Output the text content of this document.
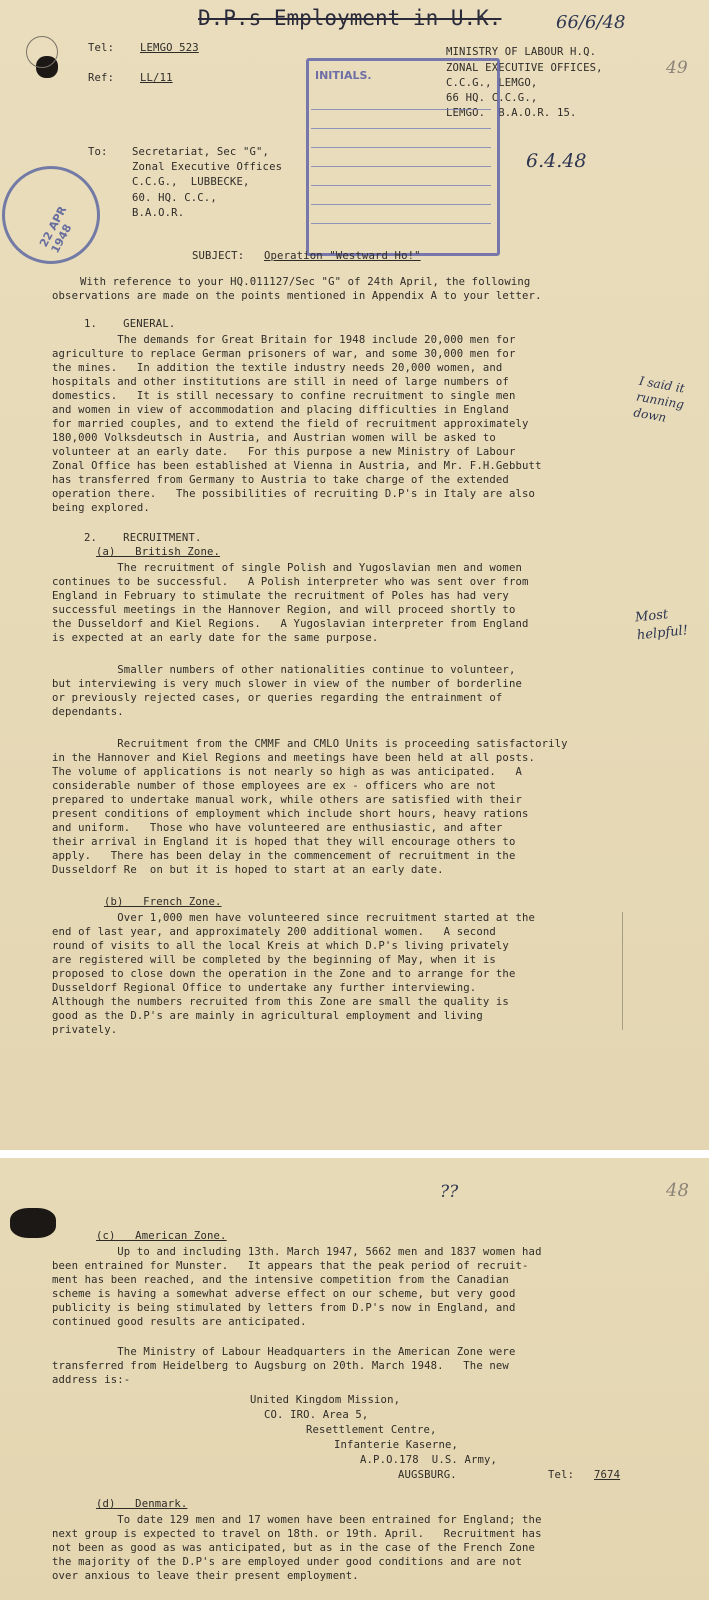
D.P.s Employment in U.K.	66/6/48
49
Tel: LEMGO 523
Ref: LL/11
MINISTRY OF LABOUR H.Q.
ZONAL EXECUTIVE OFFICES,
C.C.G., LEMGO,
66 HQ. C.C.G.,
LEMGO.  B.A.O.R. 15.
INITIALS.
6.4.48
22 APR 1948
To: Secretariat, Sec "G",
Zonal Executive Offices
C.C.G.,  LUBBECKE,
60. HQ. C.C.,
B.A.O.R.
SUBJECT: Operation "Westward Ho!"
With reference to your HQ.011127/Sec "G" of 24th April, the following
observations are made on the points mentioned in Appendix A to your letter.
1.    GENERAL.
The demands for Great Britain for 1948 include 20,000 men for
agriculture to replace German prisoners of war, and some 30,000 men for
the mines.   In addition the textile industry needs 20,000 women, and
hospitals and other institutions are still in need of large numbers of
domestics.   It is still necessary to confine recruitment to single men
and women in view of accommodation and placing difficulties in England
for married couples, and to extend the field of recruitment approximately
180,000 Volksdeutsch in Austria, and Austrian women will be asked to
volunteer at an early date.   For this purpose a new Ministry of Labour
Zonal Office has been established at Vienna in Austria, and Mr. F.H.Gebbutt
has transferred from Germany to Austria to take charge of the extended
operation there.   The possibilities of recruiting D.P's in Italy are also
being explored.
I said it running down
2.    RECRUITMENT.
(a)   British Zone.
The recruitment of single Polish and Yugoslavian men and women
continues to be successful.   A Polish interpreter who was sent over from
England in February to stimulate the recruitment of Poles has had very
successful meetings in the Hannover Region, and will proceed shortly to
the Dusseldorf and Kiel Regions.   A Yugoslavian interpreter from England
is expected at an early date for the same purpose.
Most helpful!
Smaller numbers of other nationalities continue to volunteer,
but interviewing is very much slower in view of the number of borderline
or previously rejected cases, or queries regarding the entrainment of
dependants.
Recruitment from the CMMF and CMLO Units is proceeding satisfactorily
in the Hannover and Kiel Regions and meetings have been held at all posts.
The volume of applications is not nearly so high as was anticipated.   A
considerable number of those employees are ex - officers who are not
prepared to undertake manual work, while others are satisfied with their
present conditions of employment which include short hours, heavy rations
and uniform.   Those who have volunteered are enthusiastic, and after
their arrival in England it is hoped that they will encourage others to
apply.   There has been delay in the commencement of recruitment in the
Dusseldorf Re  on but it is hoped to start at an early date.
(b)   French Zone.
Over 1,000 men have volunteered since recruitment started at the
end of last year, and approximately 200 additional women.   A second
round of visits to all the local Kreis at which D.P's living privately
are registered will be completed by the beginning of May, when it is
proposed to close down the operation in the Zone and to arrange for the
Dusseldorf Regional Office to undertake any further interviewing.
Although the numbers recruited from this Zone are small the quality is
good as the D.P's are mainly in agricultural employment and living
privately.
48
??
(c)   American Zone.
Up to and including 13th. March 1947, 5662 men and 1837 women had
been entrained for Munster.   It appears that the peak period of recruit-
ment has been reached, and the intensive competition from the Canadian
scheme is having a somewhat adverse effect on our scheme, but very good
publicity is being stimulated by letters from D.P's now in England, and
continued good results are anticipated.
The Ministry of Labour Headquarters in the American Zone were
transferred from Heidelberg to Augsburg on 20th. March 1948.   The new
address is:-
United Kingdom Mission,
CO. IRO. Area 5,
Resettlement Centre,
Infanterie Kaserne,
A.P.O.178  U.S. Army,
AUGSBURG.	Tel: 7674
(d)   Denmark.
To date 129 men and 17 women have been entrained for England; the
next group is expected to travel on 18th. or 19th. April.   Recruitment has
not been as good as was anticipated, but as in the case of the French Zone
the majority of the D.P's are employed under good conditions and are not
over anxious to leave their present employment.
